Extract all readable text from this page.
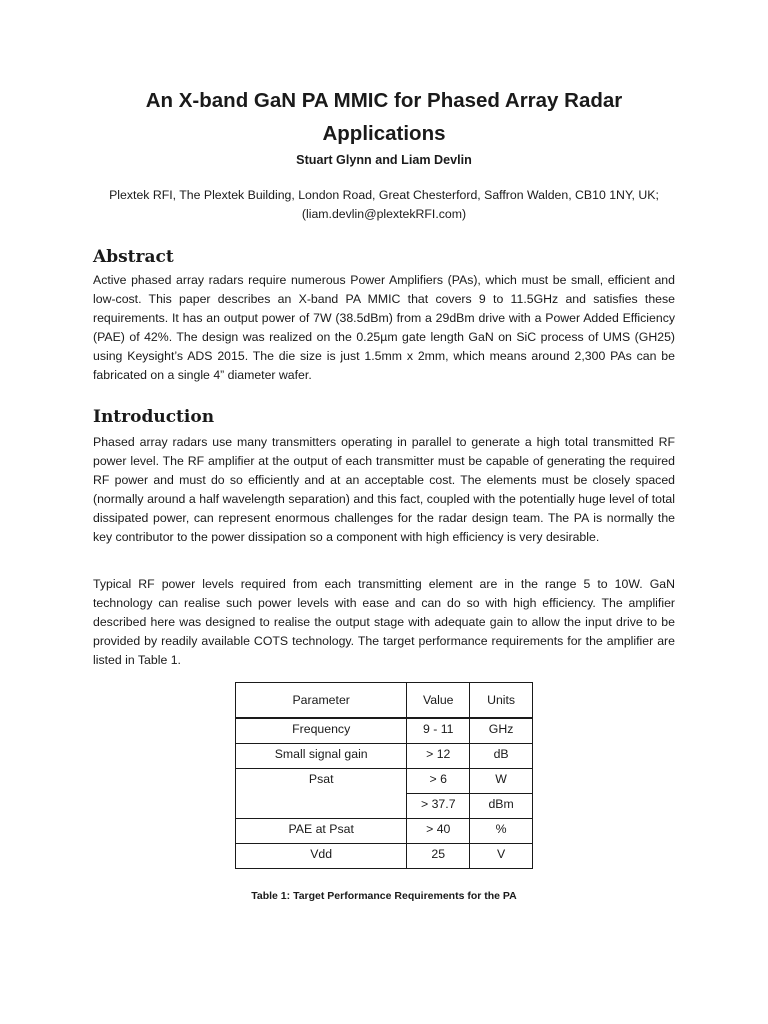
An X-band GaN PA MMIC for Phased Array Radar Applications
Stuart Glynn and Liam Devlin
Plextek RFI, The Plextek Building, London Road, Great Chesterford, Saffron Walden, CB10 1NY, UK;
(liam.devlin@plextekRFI.com)
Abstract
Active phased array radars require numerous Power Amplifiers (PAs), which must be small, efficient and low-cost. This paper describes an X-band PA MMIC that covers 9 to 11.5GHz and satisfies these requirements. It has an output power of 7W (38.5dBm) from a 29dBm drive with a Power Added Efficiency (PAE) of 42%. The design was realized on the 0.25µm gate length GaN on SiC process of UMS (GH25) using Keysight’s ADS 2015. The die size is just 1.5mm x 2mm, which means around 2,300 PAs can be fabricated on a single 4” diameter wafer.
Introduction
Phased array radars use many transmitters operating in parallel to generate a high total transmitted RF power level. The RF amplifier at the output of each transmitter must be capable of generating the required RF power and must do so efficiently and at an acceptable cost. The elements must be closely spaced (normally around a half wavelength separation) and this fact, coupled with the potentially huge level of total dissipated power, can represent enormous challenges for the radar design team. The PA is normally the key contributor to the power dissipation so a component with high efficiency is very desirable.
Typical RF power levels required from each transmitting element are in the range 5 to 10W. GaN technology can realise such power levels with ease and can do so with high efficiency. The amplifier described here was designed to realise the output stage with adequate gain to allow the input drive to be provided by readily available COTS technology. The target performance requirements for the amplifier are listed in Table 1.
Parameter	Value	Units
Frequency	9 - 11	GHz
Small signal gain	> 12	dB
Psat	> 6	W
	> 37.7	dBm
PAE at Psat	> 40	%
Vdd	25	V
Table 1: Target Performance Requirements for the PA
